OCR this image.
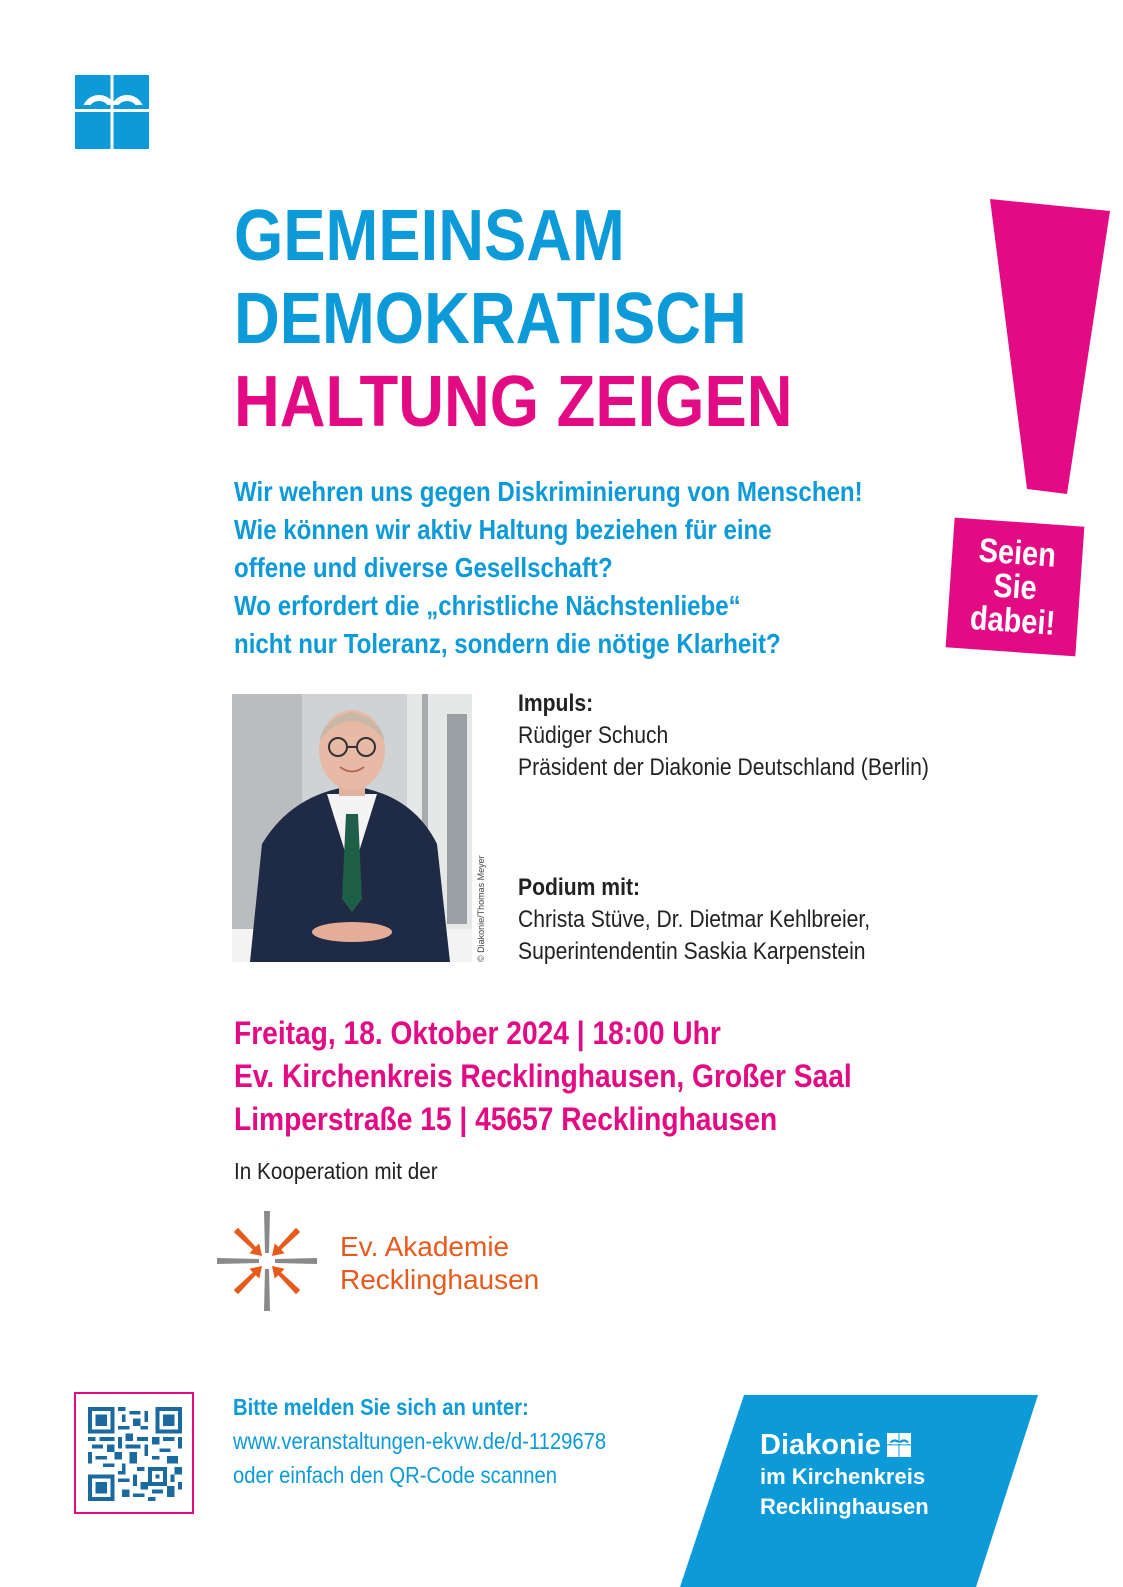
GEMEINSAM
DEMOKRATISCH
HALTUNG ZEIGEN
Seien
Sie
dabei!
Wir wehren uns gegen Diskriminierung von Menschen!
Wie können wir aktiv Haltung beziehen für eine
offene und diverse Gesellschaft?
Wo erfordert die „christliche Nächstenliebe“
nicht nur Toleranz, sondern die nötige Klarheit?
© Diakonie/Thomas Meyer
Impuls:
Rüdiger Schuch
Präsident der Diakonie Deutschland (Berlin)
Podium mit:
Christa Stüve, Dr. Dietmar Kehlbreier,
Superintendentin Saskia Karpenstein
Freitag, 18. Oktober 2024 | 18:00 Uhr
Ev. Kirchenkreis Recklinghausen, Großer Saal
Limperstraße 15 | 45657 Recklinghausen
In Kooperation mit der
Ev. Akademie
Recklinghausen
Bitte melden Sie sich an unter:
www.veranstaltungen-ekvw.de/d-1129678
oder einfach den QR-Code scannen
Diakonie
im Kirchenkreis
Recklinghausen
